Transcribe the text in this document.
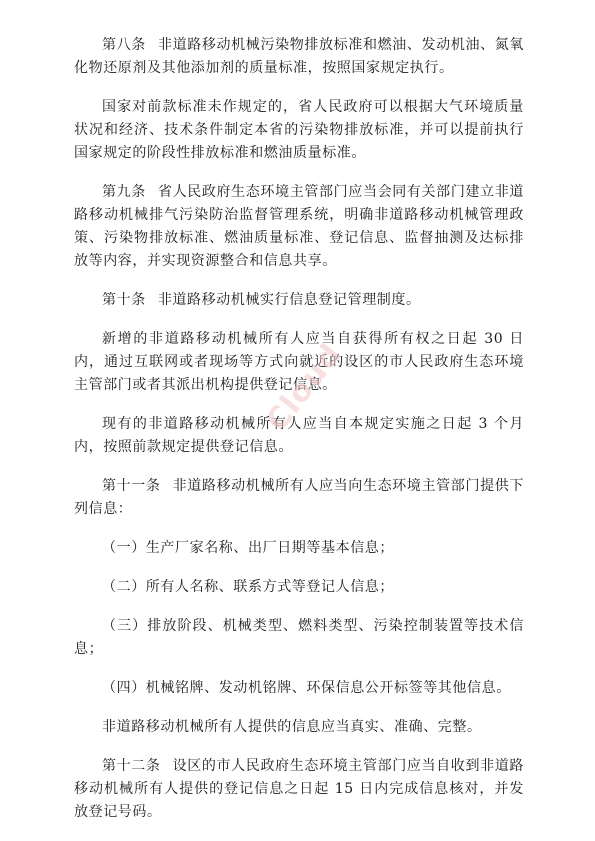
第八条 非道路移动机械污染物排放标准和燃油、发动机油、氮氧化物还原剂及其他添加剂的质量标准，按照国家规定执行。

国家对前款标准未作规定的，省人民政府可以根据大气环境质量状况和经济、技术条件制定本省的污染物排放标准，并可以提前执行国家规定的阶段性排放标准和燃油质量标准。

第九条 省人民政府生态环境主管部门应当会同有关部门建立非道路移动机械排气污染防治监督管理系统，明确非道路移动机械管理政策、污染物排放标准、燃油质量标准、登记信息、监督抽测及达标排放等内容，并实现资源整合和信息共享。

第十条 非道路移动机械实行信息登记管理制度。

新增的非道路移动机械所有人应当自获得所有权之日起 30 日内，通过互联网或者现场等方式向就近的设区的市人民政府生态环境主管部门或者其派出机构提供登记信息。

现有的非道路移动机械所有人应当自本规定实施之日起 3 个月内，按照前款规定提供登记信息。

第十一条 非道路移动机械所有人应当向生态环境主管部门提供下列信息：

（一）生产厂家名称、出厂日期等基本信息；

（二）所有人名称、联系方式等登记人信息；

（三）排放阶段、机械类型、燃料类型、污染控制装置等技术信息；

（四）机械铭牌、发动机铭牌、环保信息公开标签等其他信息。

非道路移动机械所有人提供的信息应当真实、准确、完整。

第十二条 设区的市人民政府生态环境主管部门应当自收到非道路移动机械所有人提供的登记信息之日起 15 日内完成信息核对，并发放登记号码。

Cloud
